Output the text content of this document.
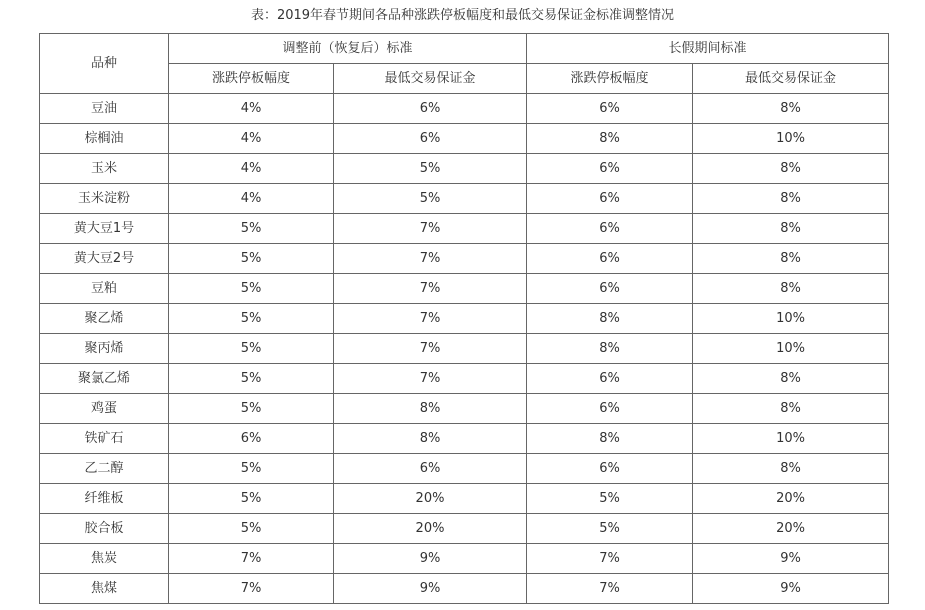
表：2019年春节期间各品种涨跌停板幅度和最低交易保证金标准调整情况
品种	调整前（恢复后）标准		长假期间标准	
	涨跌停板幅度	最低交易保证金	涨跌停板幅度	最低交易保证金
豆油	4%	6%	6%	8%
棕榈油	4%	6%	8%	10%
玉米	4%	5%	6%	8%
玉米淀粉	4%	5%	6%	8%
黄大豆1号	5%	7%	6%	8%
黄大豆2号	5%	7%	6%	8%
豆粕	5%	7%	6%	8%
聚乙烯	5%	7%	8%	10%
聚丙烯	5%	7%	8%	10%
聚氯乙烯	5%	7%	6%	8%
鸡蛋	5%	8%	6%	8%
铁矿石	6%	8%	8%	10%
乙二醇	5%	6%	6%	8%
纤维板	5%	20%	5%	20%
胶合板	5%	20%	5%	20%
焦炭	7%	9%	7%	9%
焦煤	7%	9%	7%	9%
